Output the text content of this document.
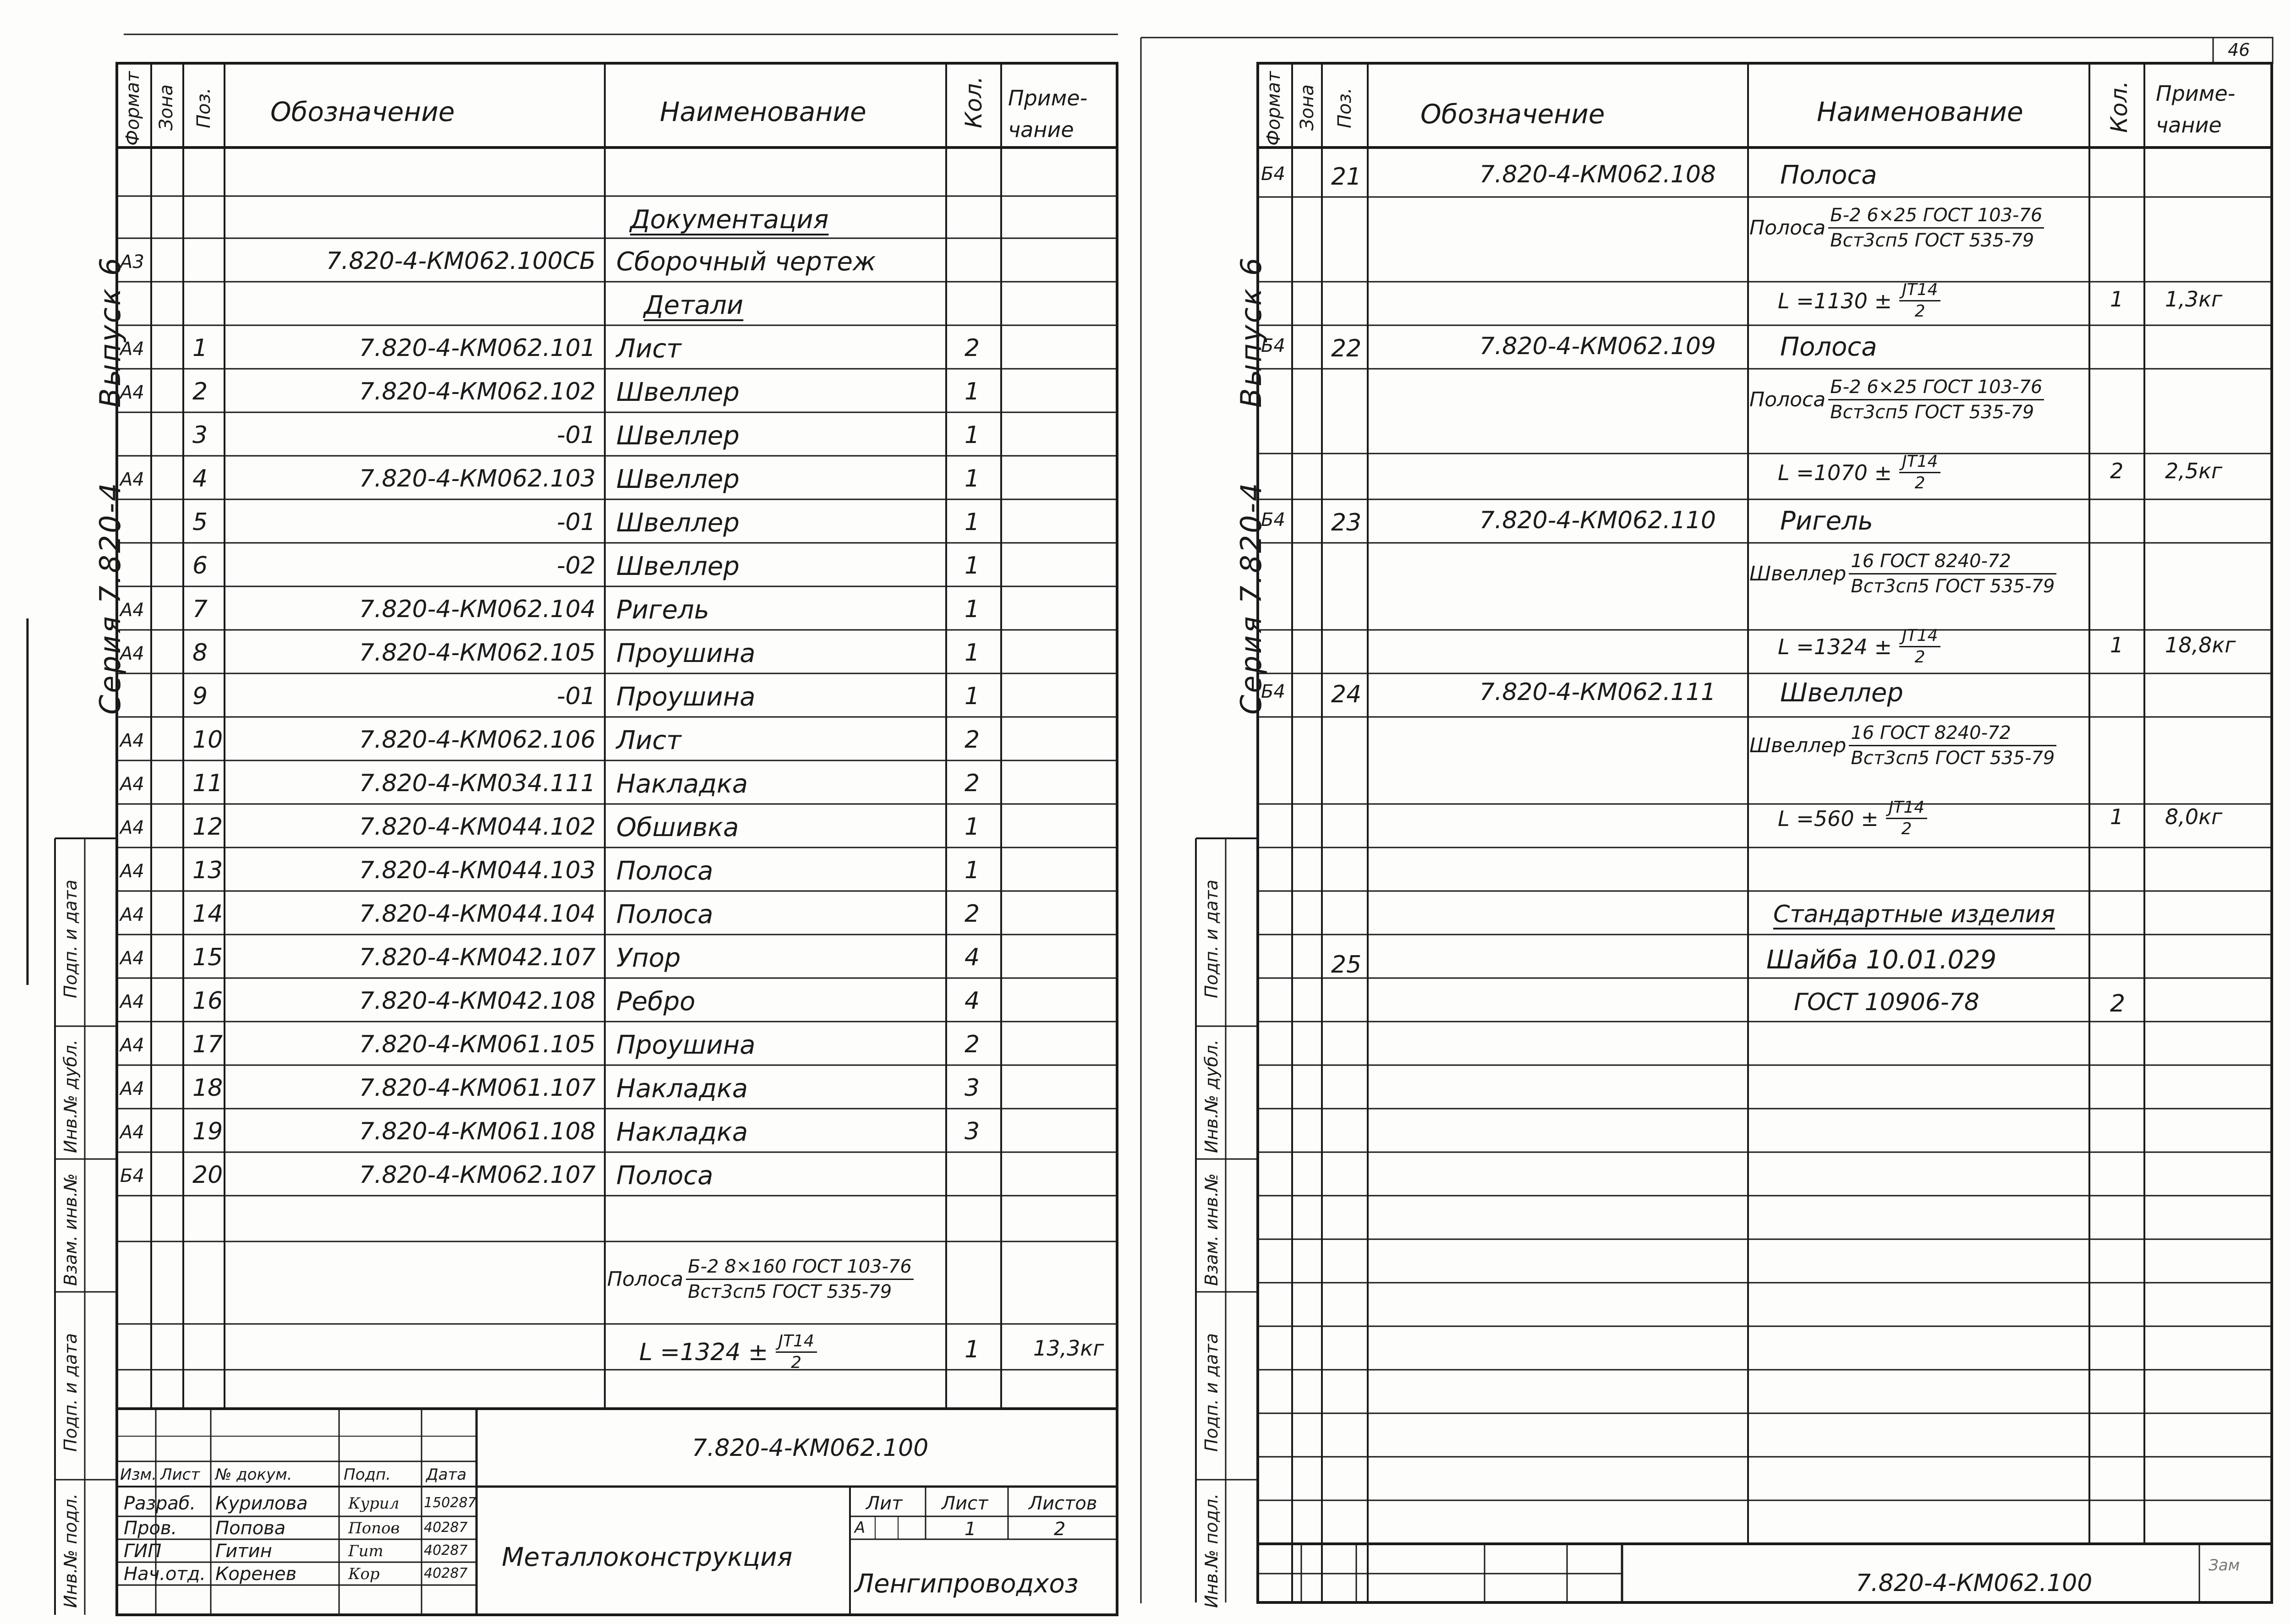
Формат Зона Поз. Обозначение	Наименование	Кол. Приме- чание
Серия 7.820-4
Выпуск 6
Документация
А3	7.820-4-КМ062.100СБ Сборочный чертеж
Детали
А4 1	7.820-4-КМ062.101 Лист	2
А4 2	7.820-4-КМ062.102 Швеллер	1
3	-01 Швеллер	1
А4 4	7.820-4-КМ062.103 Швеллер	1
5	-01 Швеллер	1
6	-02 Швеллер	1
А4 7	7.820-4-КМ062.104 Ригель	1
А4 8	7.820-4-КМ062.105 Проушина	1
9	-01 Проушина	1
А4 10	7.820-4-КМ062.106 Лист	2
А4 11	7.820-4-КМ034.111 Накладка	2
А4 12	7.820-4-КМ044.102 Обшивка	1
А4 13	7.820-4-КМ044.103 Полоса	1
А4 14	7.820-4-КМ044.104 Полоса	2
А4 15	7.820-4-КМ042.107 Упор	4
А4 16	7.820-4-КМ042.108 Ребро	4
А4 17	7.820-4-КМ061.105 Проушина	2
А4 18	7.820-4-КМ061.107 Накладка	3
А4 19	7.820-4-КМ061.108 Накладка	3
Б4 20	7.820-4-КМ062.107 Полоса
Полоса $\frac{\text{Б-2 8×160 ГОСТ 103-76}}{\text{Вст3сп5 ГОСТ 535-79}}$
$L =1324 \pm \frac{JT14}{2}$	1	13,3кг
7.820-4-КМ062.100
Изм. Лист № докум.	Подп. Дата
Разраб. Курилова	Курил 150287
Пров. Попова	Попов 40287
ГИП	Гитин	Гит	40287
Нач.отд. Коренев	Кор	40287
Металлоконструкция
Лит
А
Лист
1
Листов
2
Ленгипроводхоз
Подп. и дата
Инв.№ дубл.
Взам. инв.№
Подп. и дата
Инв.№ подл.
46
Формат Зона Поз. Обозначение	Наименование	Кол. Приме- чание
Серия 7.820-4
Выпуск 6
Б4 21	7.820-4-КМ062.108	Полоса
Полоса $\frac{\text{Б-2 6×25 ГОСТ 103-76}}{\text{Вст3сп5 ГОСТ 535-79}}$
$L =1130 \pm \frac{JT14}{2}$	1 1,3кг
Б4 22	7.820-4-КМ062.109	Полоса
Полоса $\frac{\text{Б-2 6×25 ГОСТ 103-76}}{\text{Вст3сп5 ГОСТ 535-79}}$
$L =1070 \pm \frac{JT14}{2}$	2 2,5кг
Б4 23	7.820-4-КМ062.110	Ригель
Швеллер $\frac{\text{16 ГОСТ 8240-72}}{\text{Вст3сп5 ГОСТ 535-79}}$
$L =1324 \pm \frac{JT14}{2}$	1 18,8кг
Б4 24	7.820-4-КМ062.111	Швеллер
Швеллер $\frac{\text{16 ГОСТ 8240-72}}{\text{Вст3сп5 ГОСТ 535-79}}$
$L =560 \pm \frac{JT14}{2}$	1 8,0кг
Стандартные изделия
25	Шайба 10.01.029
ГОСТ 10906-78	2
7.820-4-КМ062.100
Зам
Подп. и дата
Инв.№ дубл.
Взам. инв.№
Подп. и дата
Инв.№ подл.
